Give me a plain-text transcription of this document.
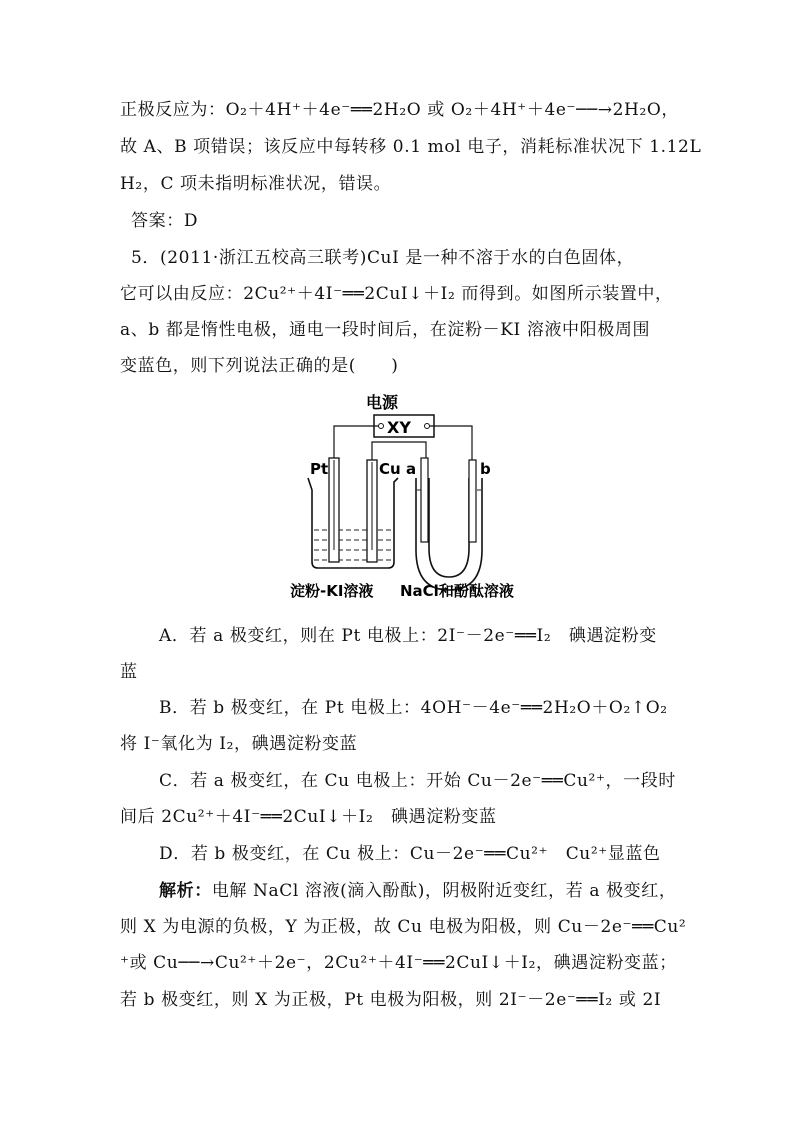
正极反应为：O₂＋4H⁺＋4e⁻══2H₂O 或 O₂＋4H⁺＋4e⁻──→2H₂O，
故 A、B 项错误；该反应中每转移 0.1 mol 电子，消耗标准状况下 1.12L
H₂，C 项未指明标准状况，错误。
答案：D
5．(2011·浙江五校高三联考)CuI 是一种不溶于水的白色固体，
它可以由反应：2Cu²⁺＋4I⁻══2CuI↓＋I₂ 而得到。如图所示装置中，
a、b 都是惰性电极，通电一段时间后，在淀粉－KI 溶液中阳极周围
变蓝色，则下列说法正确的是(　　)
电源
XY
Pt	Cu a	b
淀粉-KI溶液 NaCl和酚酞溶液
A．若 a 极变红，则在 Pt 电极上：2I⁻－2e⁻══I₂　碘遇淀粉变
蓝
B．若 b 极变红，在 Pt 电极上：4OH⁻－4e⁻══2H₂O＋O₂↑O₂
将 I⁻氧化为 I₂，碘遇淀粉变蓝
C．若 a 极变红，在 Cu 电极上：开始 Cu－2e⁻══Cu²⁺，一段时
间后 2Cu²⁺＋4I⁻══2CuI↓＋I₂　碘遇淀粉变蓝
D．若 b 极变红，在 Cu 极上：Cu－2e⁻══Cu²⁺　Cu²⁺显蓝色
解析：电解 NaCl 溶液(滴入酚酞)，阴极附近变红，若 a 极变红，
则 X 为电源的负极，Y 为正极，故 Cu 电极为阳极，则 Cu－2e⁻══Cu²
⁺或 Cu──→Cu²⁺＋2e⁻，2Cu²⁺＋4I⁻══2CuI↓＋I₂，碘遇淀粉变蓝；
若 b 极变红，则 X 为正极，Pt 电极为阳极，则 2I⁻－2e⁻══I₂ 或 2I
